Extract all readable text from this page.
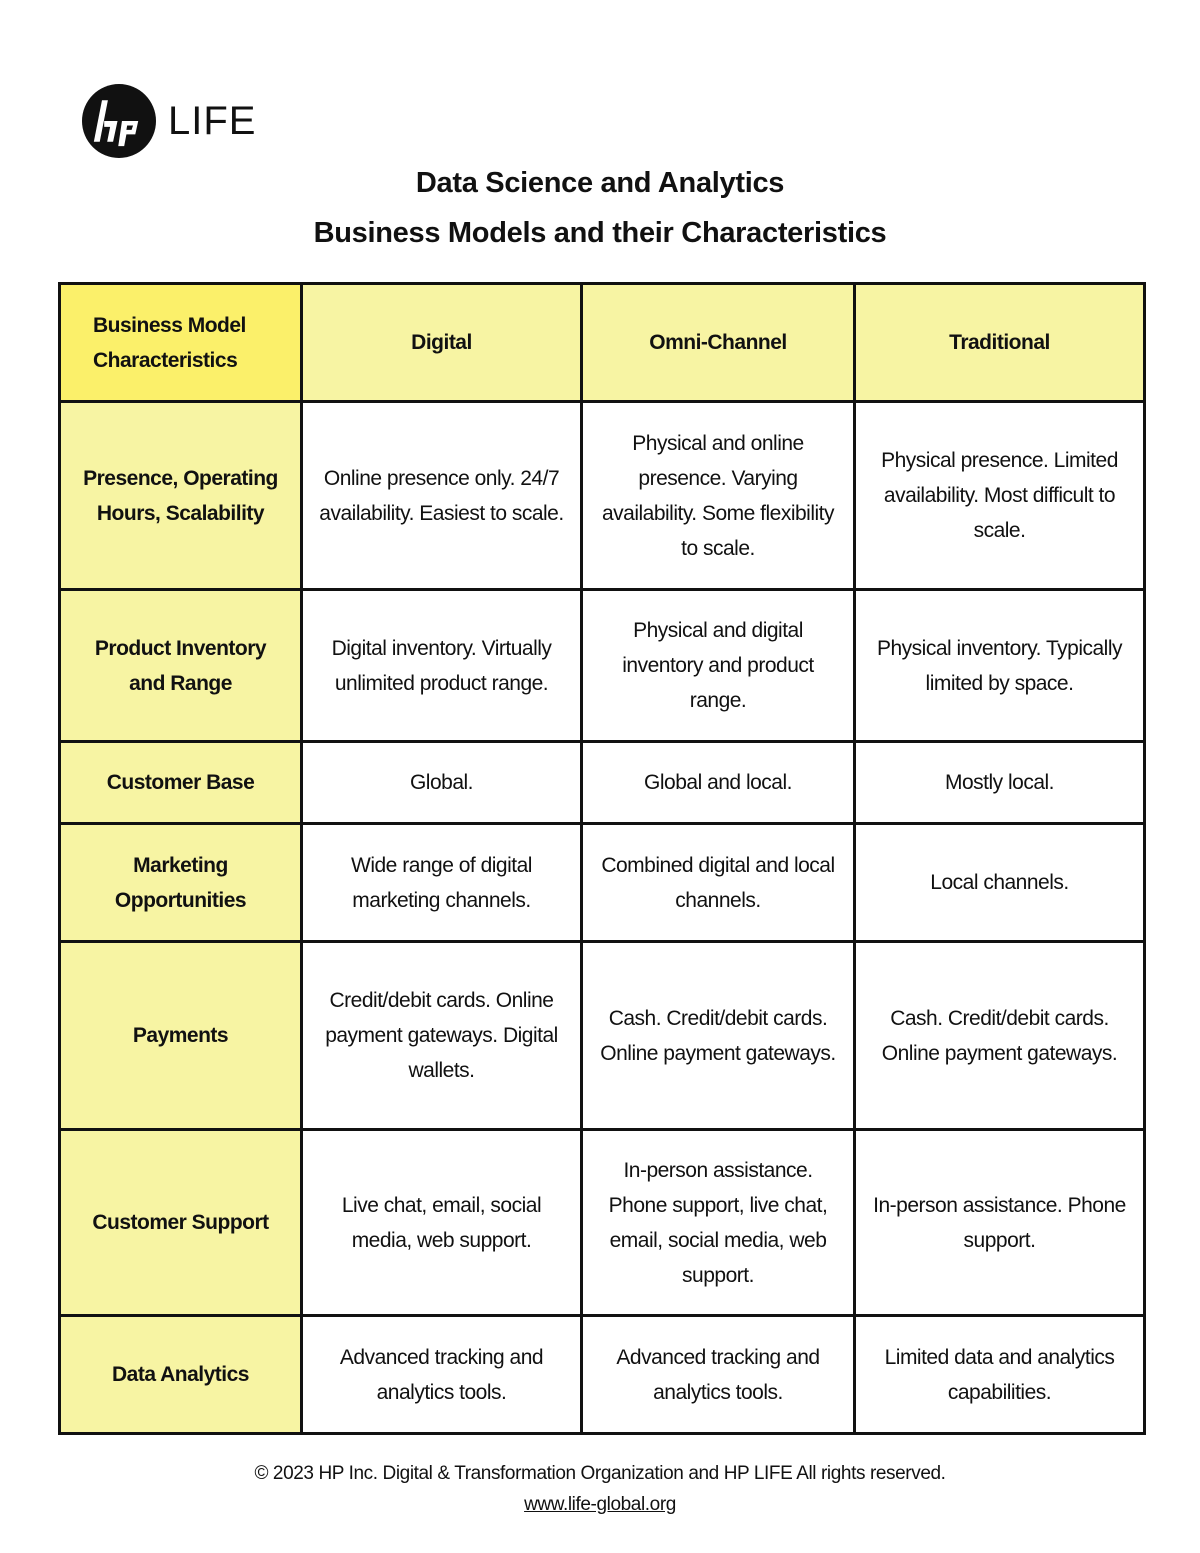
LIFE
Data Science and Analytics
Business Models and their Characteristics
Business Model Characteristics	Digital	Omni-Channel	Traditional
Presence, Operating Hours, Scalability	Online presence only. 24/7 availability. Easiest to scale.	Physical and online presence. Varying availability. Some flexibility to scale.	Physical presence. Limited availability. Most difficult to scale.
Product Inventory and Range	Digital inventory. Virtually unlimited product range.	Physical and digital inventory and product range.	Physical inventory. Typically limited by space.
Customer Base	Global.	Global and local.	Mostly local.
Marketing Opportunities	Wide range of digital marketing channels.	Combined digital and local channels.	Local channels.
Payments	Credit/debit cards. Online payment gateways. Digital wallets.	Cash. Credit/debit cards. Online payment gateways.	Cash. Credit/debit cards. Online payment gateways.
Customer Support	Live chat, email, social media, web support.	In-person assistance. Phone support, live chat, email, social media, web support.	In-person assistance. Phone support.
Data Analytics	Advanced tracking and analytics tools.	Advanced tracking and analytics tools.	Limited data and analytics capabilities.
© 2023 HP Inc. Digital & Transformation Organization and HP LIFE All rights reserved.
www.life-global.org
